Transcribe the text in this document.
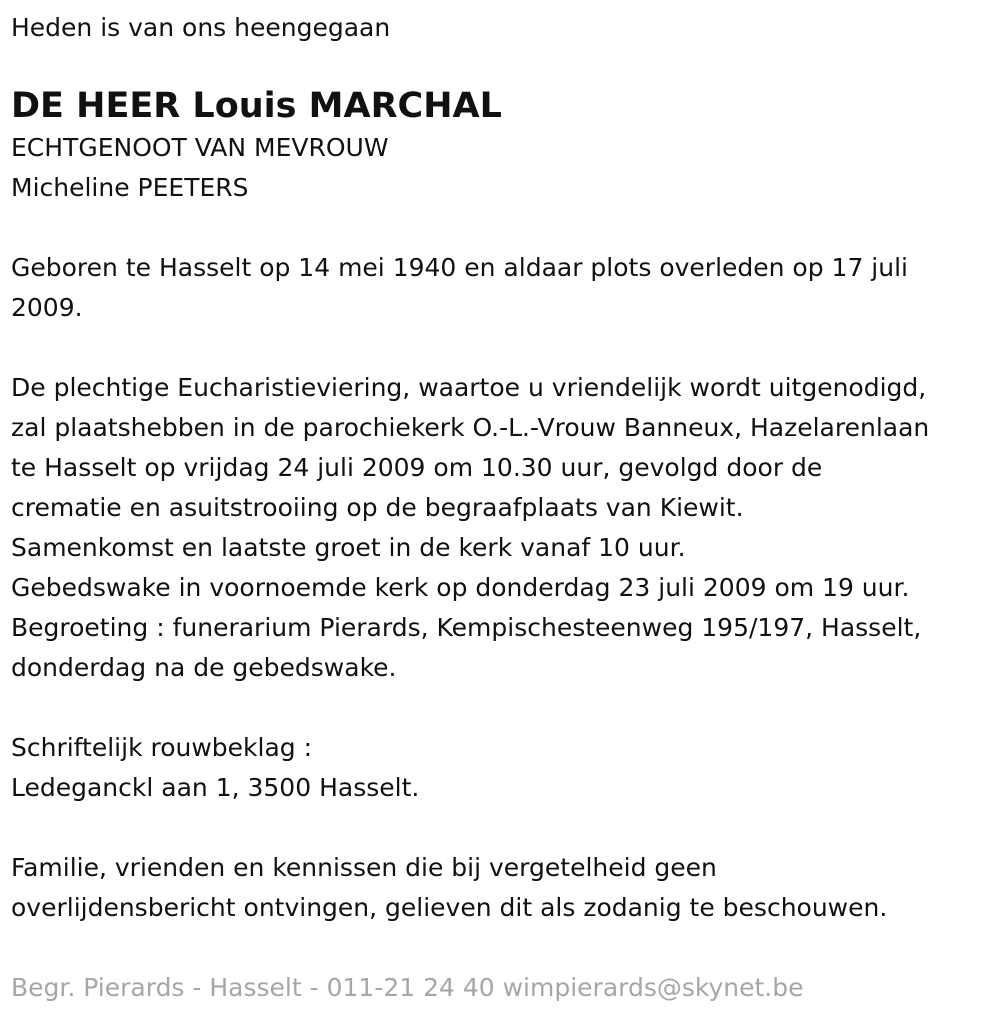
Heden is van ons heengegaan

DE HEER Louis MARCHAL

ECHTGENOOT VAN MEVROUW

Micheline PEETERS

Geboren te Hasselt op 14 mei 1940 en aldaar plots overleden op 17 juli

2009.

De plechtige Eucharistieviering, waartoe u vriendelijk wordt uitgenodigd,

zal plaatshebben in de parochiekerk O.-L.-Vrouw Banneux, Hazelarenlaan

te Hasselt op vrijdag 24 juli 2009 om 10.30 uur, gevolgd door de

crematie en asuitstrooiing op de begraafplaats van Kiewit.

Samenkomst en laatste groet in de kerk vanaf 10 uur.

Gebedswake in voornoemde kerk op donderdag 23 juli 2009 om 19 uur.

Begroeting : funerarium Pierards, Kempischesteenweg 195/197, Hasselt,

donderdag na de gebedswake.

Schriftelijk rouwbeklag :

Ledeganckl aan 1, 3500 Hasselt.

Familie, vrienden en kennissen die bij vergetelheid geen

overlijdensbericht ontvingen, gelieven dit als zodanig te beschouwen.

Begr. Pierards - Hasselt - 011-21 24 40 wimpierards@skynet.be
